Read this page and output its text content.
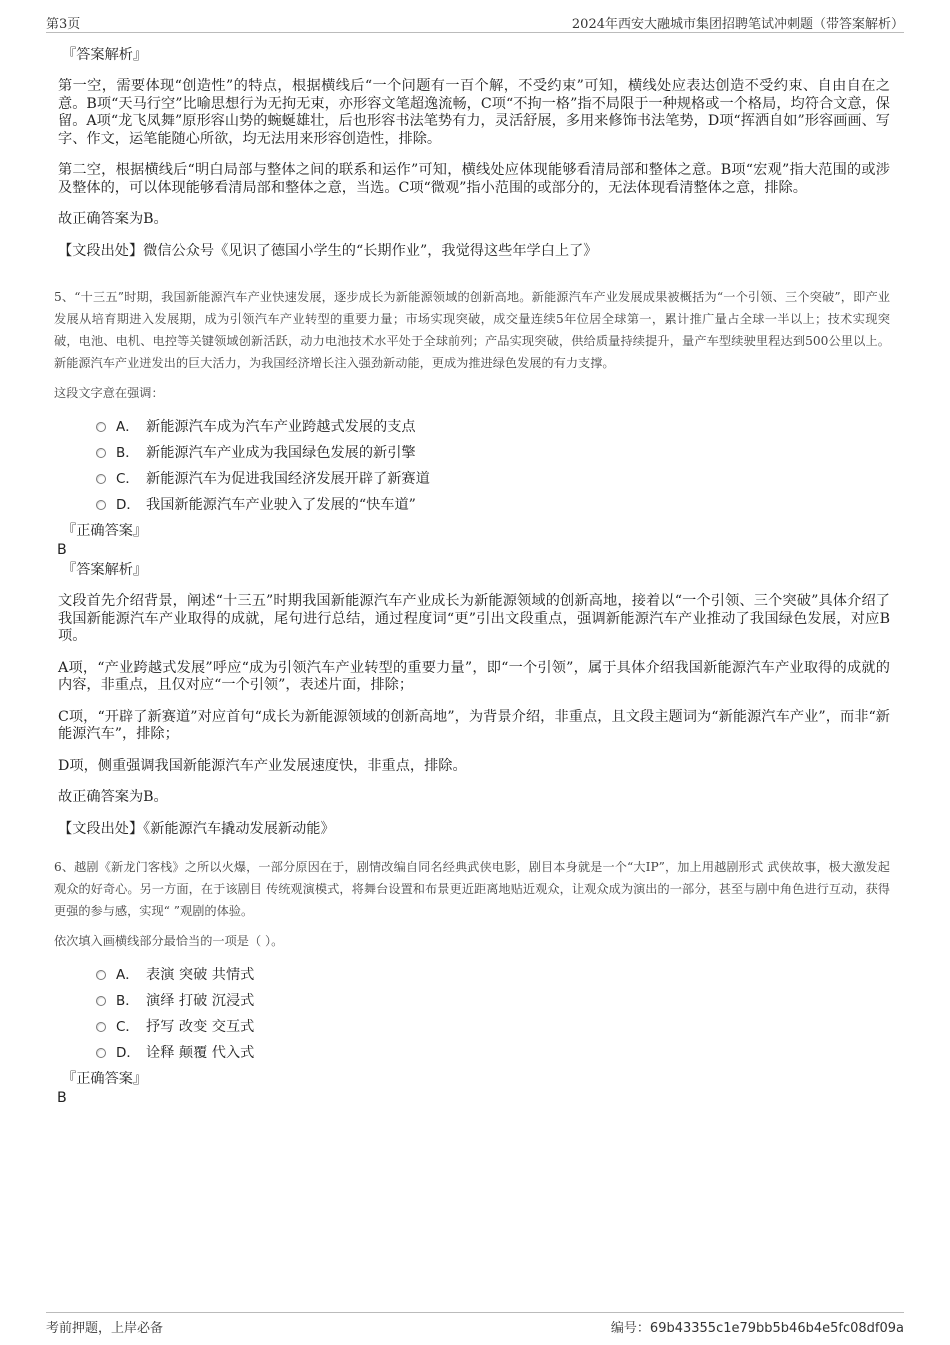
第3页	2024年西安大融城市集团招聘笔试冲刺题（带答案解析）

『答案解析』

第一空，需要体现“创造性”的特点，根据横线后“一个问题有一百个解，不受约束”可知，横线处应表达创造不受约束、自由自在之意。B项“天马行空”比喻思想行为无拘无束，亦形容文笔超逸流畅，C项“不拘一格”指不局限于一种规格或一个格局，均符合文意，保留。A项“龙飞凤舞”原形容山势的蜿蜒雄壮，后也形容书法笔势有力，灵活舒展，多用来修饰书法笔势，D项“挥洒自如”形容画画、写字、作文，运笔能随心所欲，均无法用来形容创造性，排除。

第二空，根据横线后“明白局部与整体之间的联系和运作”可知，横线处应体现能够看清局部和整体之意。B项“宏观”指大范围的或涉及整体的，可以体现能够看清局部和整体之意，当选。C项“微观”指小范围的或部分的，无法体现看清整体之意，排除。

故正确答案为B。

【文段出处】微信公众号《见识了德国小学生的“长期作业”，我觉得这些年学白上了》

5、“十三五”时期，我国新能源汽车产业快速发展，逐步成长为新能源领域的创新高地。新能源汽车产业发展成果被概括为“一个引领、三个突破”，即产业发展从培育期进入发展期，成为引领汽车产业转型的重要力量；市场实现突破，成交量连续5年位居全球第一，累计推广量占全球一半以上；技术实现突破，电池、电机、电控等关键领域创新活跃，动力电池技术水平处于全球前列；产品实现突破，供给质量持续提升，量产车型续驶里程达到500公里以上。新能源汽车产业迸发出的巨大活力，为我国经济增长注入强劲新动能，更成为推进绿色发展的有力支撑。

这段文字意在强调：

A． 新能源汽车成为汽车产业跨越式发展的支点
B． 新能源汽车产业成为我国绿色发展的新引擎
C． 新能源汽车为促进我国经济发展开辟了新赛道
D． 我国新能源汽车产业驶入了发展的“快车道”

『正确答案』

B

『答案解析』

文段首先介绍背景，阐述“十三五”时期我国新能源汽车产业成长为新能源领域的创新高地，接着以“一个引领、三个突破”具体介绍了我国新能源汽车产业取得的成就，尾句进行总结，通过程度词“更”引出文段重点，强调新能源汽车产业推动了我国绿色发展，对应B项。

A项，“产业跨越式发展”呼应“成为引领汽车产业转型的重要力量”，即“一个引领”，属于具体介绍我国新能源汽车产业取得的成就的内容，非重点，且仅对应“一个引领”，表述片面，排除；

C项，“开辟了新赛道”对应首句“成长为新能源领域的创新高地”，为背景介绍，非重点，且文段主题词为“新能源汽车产业”，而非“新能源汽车”，排除；

D项，侧重强调我国新能源汽车产业发展速度快，非重点，排除。

故正确答案为B。

【文段出处】《新能源汽车撬动发展新动能》

6、越剧《新龙门客栈》之所以火爆，一部分原因在于，剧情改编自同名经典武侠电影，剧目本身就是一个“大IP”，加上用越剧形式 武侠故事，极大激发起观众的好奇心。另一方面，在于该剧目 传统观演模式，将舞台设置和布景更近距离地贴近观众，让观众成为演出的一部分，甚至与剧中角色进行互动，获得更强的参与感，实现“ ”观剧的体验。

依次填入画横线部分最恰当的一项是（ ）。

A． 表演 突破 共情式
B． 演绎 打破 沉浸式
C． 抒写 改变 交互式
D． 诠释 颠覆 代入式

『正确答案』

B

考前押题，上岸必备	编号：69b43355c1e79bb5b46b4e5fc08df09a
